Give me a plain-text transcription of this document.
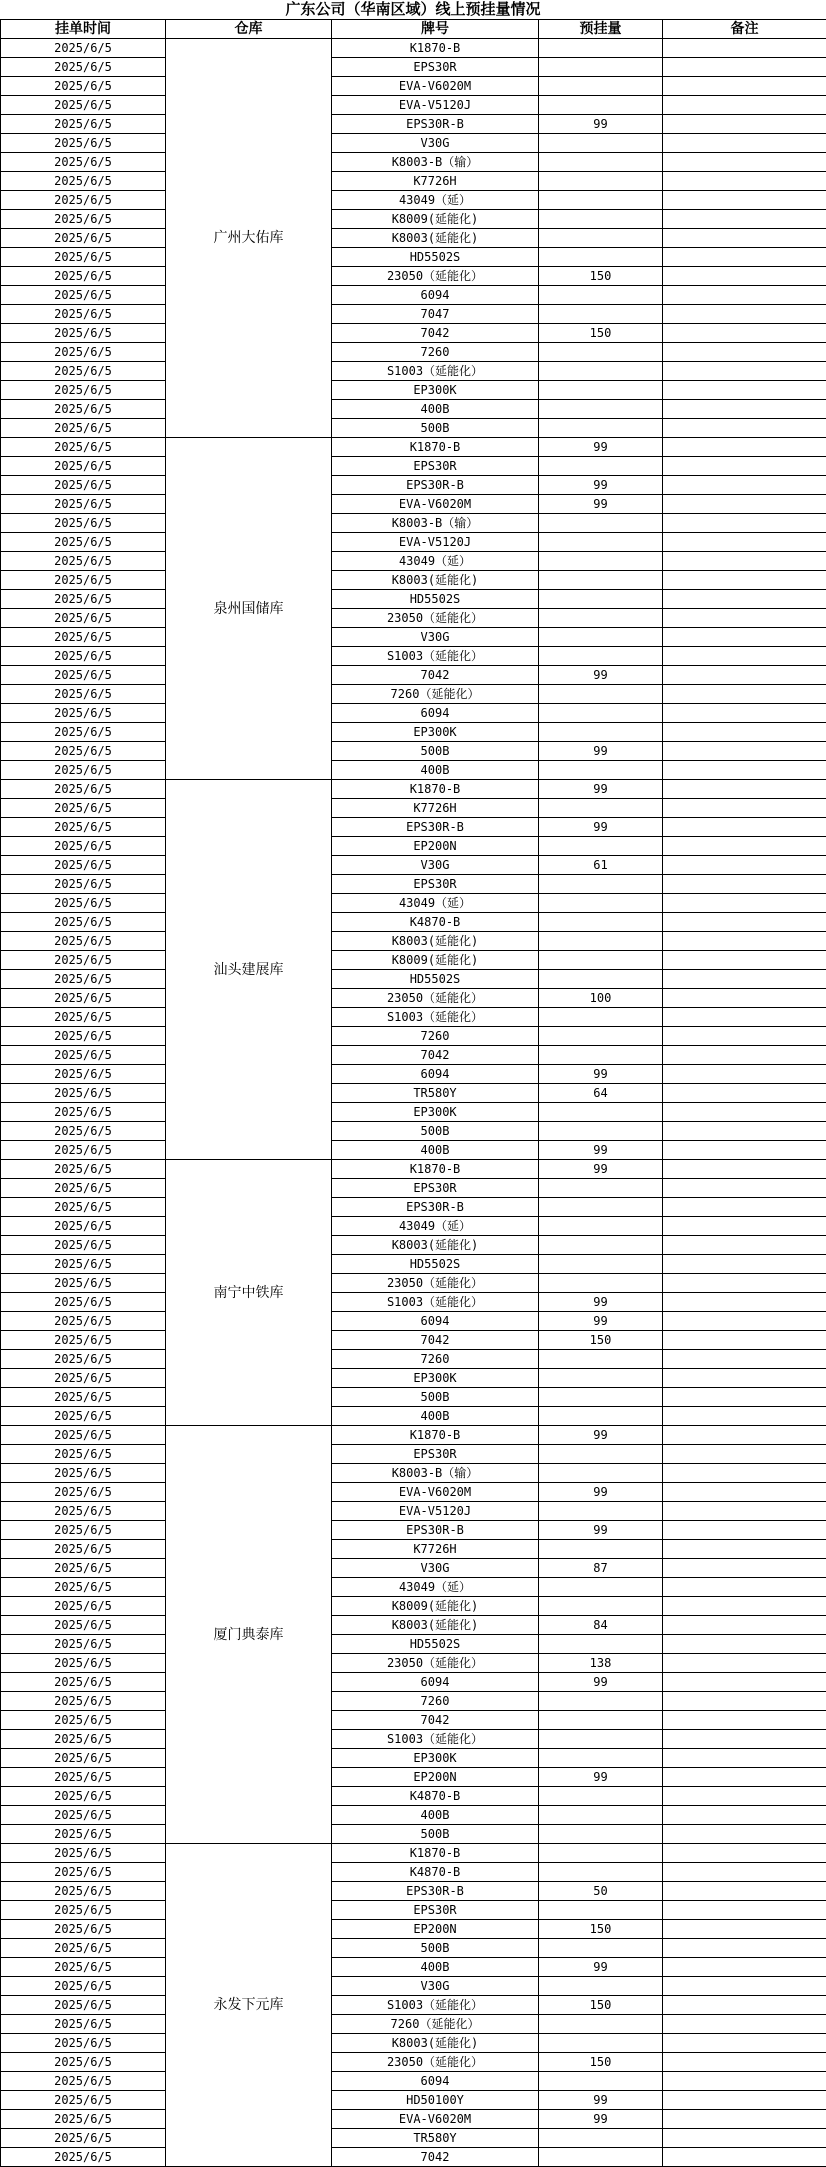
广东公司（华南区域）线上预挂量情况
挂单时间	仓库	牌号	预挂量	备注
2025/6/5	广州大佑库	K1870-B		
2025/6/5		EPS30R		
2025/6/5		EVA-V6020M		
2025/6/5		EVA-V5120J		
2025/6/5		EPS30R-B	99	
2025/6/5		V30G		
2025/6/5		K8003-B（输）		
2025/6/5		K7726H		
2025/6/5		43049（延）		
2025/6/5		K8009(延能化)		
2025/6/5		K8003(延能化)		
2025/6/5		HD5502S		
2025/6/5		23050（延能化）	150	
2025/6/5		6094		
2025/6/5		7047		
2025/6/5		7042	150	
2025/6/5		7260		
2025/6/5		S1003（延能化）		
2025/6/5		EP300K		
2025/6/5		400B		
2025/6/5		500B		
2025/6/5	泉州国储库	K1870-B	99	
2025/6/5		EPS30R		
2025/6/5		EPS30R-B	99	
2025/6/5		EVA-V6020M	99	
2025/6/5		K8003-B（输）		
2025/6/5		EVA-V5120J		
2025/6/5		43049（延）		
2025/6/5		K8003(延能化)		
2025/6/5		HD5502S		
2025/6/5		23050（延能化）		
2025/6/5		V30G		
2025/6/5		S1003（延能化）		
2025/6/5		7042	99	
2025/6/5		7260（延能化）		
2025/6/5		6094		
2025/6/5		EP300K		
2025/6/5		500B	99	
2025/6/5		400B		
2025/6/5	汕头建展库	K1870-B	99	
2025/6/5		K7726H		
2025/6/5		EPS30R-B	99	
2025/6/5		EP200N		
2025/6/5		V30G	61	
2025/6/5		EPS30R		
2025/6/5		43049（延）		
2025/6/5		K4870-B		
2025/6/5		K8003(延能化)		
2025/6/5		K8009(延能化)		
2025/6/5		HD5502S		
2025/6/5		23050（延能化）	100	
2025/6/5		S1003（延能化）		
2025/6/5		7260		
2025/6/5		7042		
2025/6/5		6094	99	
2025/6/5		TR580Y	64	
2025/6/5		EP300K		
2025/6/5		500B		
2025/6/5		400B	99	
2025/6/5	南宁中铁库	K1870-B	99	
2025/6/5		EPS30R		
2025/6/5		EPS30R-B		
2025/6/5		43049（延）		
2025/6/5		K8003(延能化)		
2025/6/5		HD5502S		
2025/6/5		23050（延能化）		
2025/6/5		S1003（延能化）	99	
2025/6/5		6094	99	
2025/6/5		7042	150	
2025/6/5		7260		
2025/6/5		EP300K		
2025/6/5		500B		
2025/6/5		400B		
2025/6/5	厦门典泰库	K1870-B	99	
2025/6/5		EPS30R		
2025/6/5		K8003-B（输）		
2025/6/5		EVA-V6020M	99	
2025/6/5		EVA-V5120J		
2025/6/5		EPS30R-B	99	
2025/6/5		K7726H		
2025/6/5		V30G	87	
2025/6/5		43049（延）		
2025/6/5		K8009(延能化)		
2025/6/5		K8003(延能化)	84	
2025/6/5		HD5502S		
2025/6/5		23050（延能化）	138	
2025/6/5		6094	99	
2025/6/5		7260		
2025/6/5		7042		
2025/6/5		S1003（延能化）		
2025/6/5		EP300K		
2025/6/5		EP200N	99	
2025/6/5		K4870-B		
2025/6/5		400B		
2025/6/5		500B		
2025/6/5	永发下元库	K1870-B		
2025/6/5		K4870-B		
2025/6/5		EPS30R-B	50	
2025/6/5		EPS30R		
2025/6/5		EP200N	150	
2025/6/5		500B		
2025/6/5		400B	99	
2025/6/5		V30G		
2025/6/5		S1003（延能化）	150	
2025/6/5		7260（延能化）		
2025/6/5		K8003(延能化)		
2025/6/5		23050（延能化）	150	
2025/6/5		6094		
2025/6/5		HD50100Y	99	
2025/6/5		EVA-V6020M	99	
2025/6/5		TR580Y		
2025/6/5		7042		
